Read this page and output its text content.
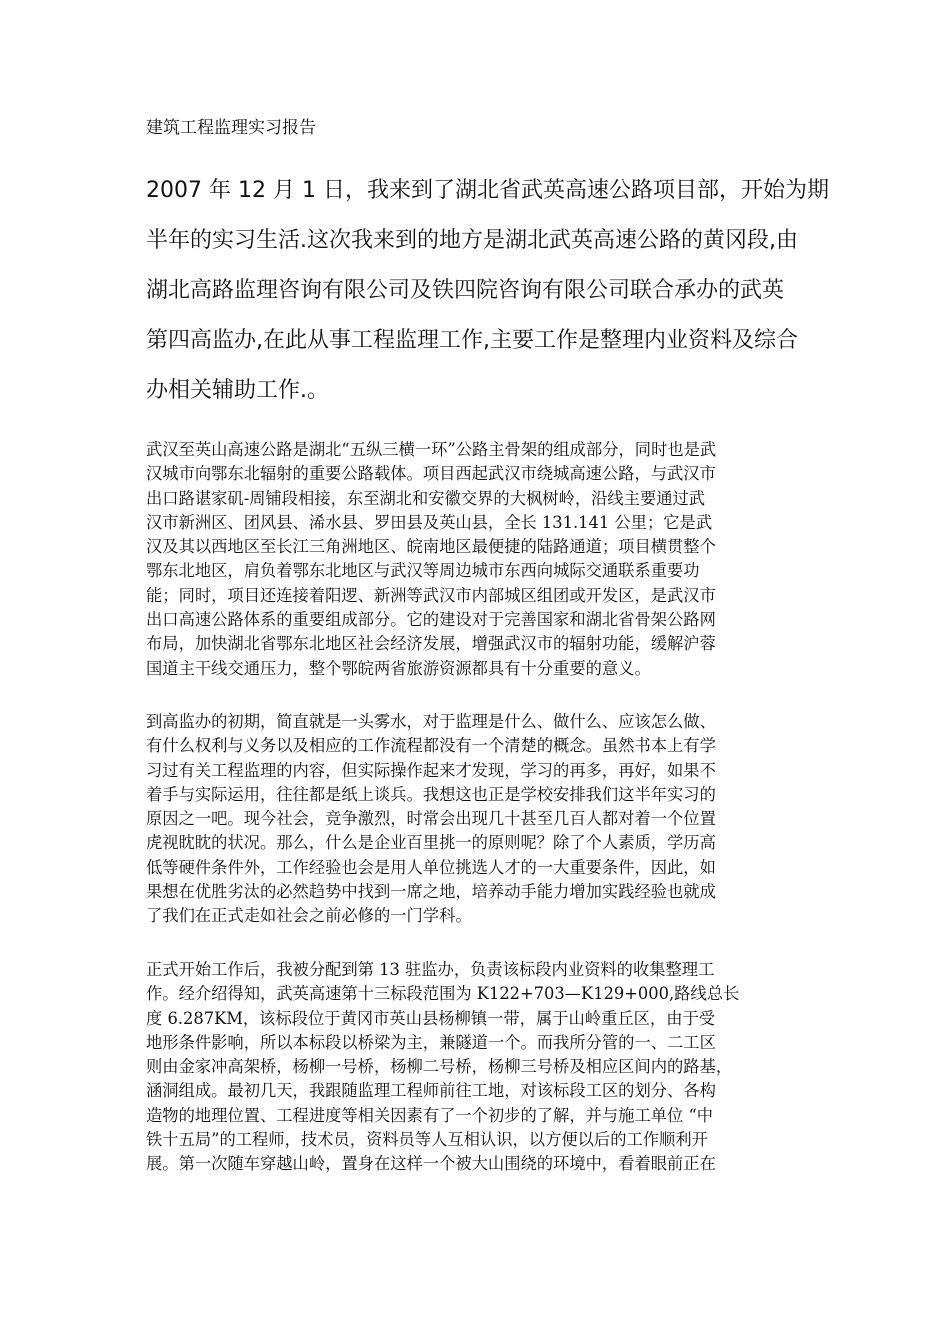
建筑工程监理实习报告

2007 年 12 月 1 日，我来到了湖北省武英高速公路项目部，开始为期
半年的实习生活.这次我来到的地方是湖北武英高速公路的黄冈段,由
湖北高路监理咨询有限公司及铁四院咨询有限公司联合承办的武英
第四高监办,在此从事工程监理工作,主要工作是整理内业资料及综合
办相关辅助工作.。

武汉至英山高速公路是湖北“五纵三横一环”公路主骨架的组成部分，同时也是武
汉城市向鄂东北辐射的重要公路载体。项目西起武汉市绕城高速公路，与武汉市
出口路谌家矶-周铺段相接，东至湖北和安徽交界的大枫树岭，沿线主要通过武
汉市新洲区、团风县、浠水县、罗田县及英山县，全长 131.141 公里；它是武
汉及其以西地区至长江三角洲地区、皖南地区最便捷的陆路通道；项目横贯整个
鄂东北地区，肩负着鄂东北地区与武汉等周边城市东西向城际交通联系重要功
能；同时，项目还连接着阳逻、新洲等武汉市内部城区组团或开发区，是武汉市
出口高速公路体系的重要组成部分。它的建设对于完善国家和湖北省骨架公路网
布局，加快湖北省鄂东北地区社会经济发展，增强武汉市的辐射功能，缓解沪蓉
国道主干线交通压力，整个鄂皖两省旅游资源都具有十分重要的意义。

到高监办的初期，简直就是一头雾水，对于监理是什么、做什么、应该怎么做、
有什么权利与义务以及相应的工作流程都没有一个清楚的概念。虽然书本上有学
习过有关工程监理的内容，但实际操作起来才发现，学习的再多，再好，如果不
着手与实际运用，往往都是纸上谈兵。我想这也正是学校安排我们这半年实习的
原因之一吧。现今社会，竞争激烈，时常会出现几十甚至几百人都对着一个位置
虎视眈眈的状况。那么，什么是企业百里挑一的原则呢？除了个人素质，学历高
低等硬件条件外，工作经验也会是用人单位挑选人才的一大重要条件，因此，如
果想在优胜劣汰的必然趋势中找到一席之地，培养动手能力增加实践经验也就成
了我们在正式走如社会之前必修的一门学科。

正式开始工作后，我被分配到第 13 驻监办，负责该标段内业资料的收集整理工
作。经介绍得知，武英高速第十三标段范围为 K122+703—K129+000,路线总长
度 6.287KM，该标段位于黄冈市英山县杨柳镇一带，属于山岭重丘区，由于受
地形条件影响，所以本标段以桥梁为主，兼隧道一个。而我所分管的一、二工区
则由金家冲高架桥，杨柳一号桥，杨柳二号桥，杨柳三号桥及相应区间内的路基，
涵洞组成。最初几天，我跟随监理工程师前往工地，对该标段工区的划分、各构
造物的地理位置、工程进度等相关因素有了一个初步的了解，并与施工单位 “中
铁十五局”的工程师，技术员，资料员等人互相认识，以方便以后的工作顺利开
展。第一次随车穿越山岭，置身在这样一个被大山围绕的环境中，看着眼前正在
